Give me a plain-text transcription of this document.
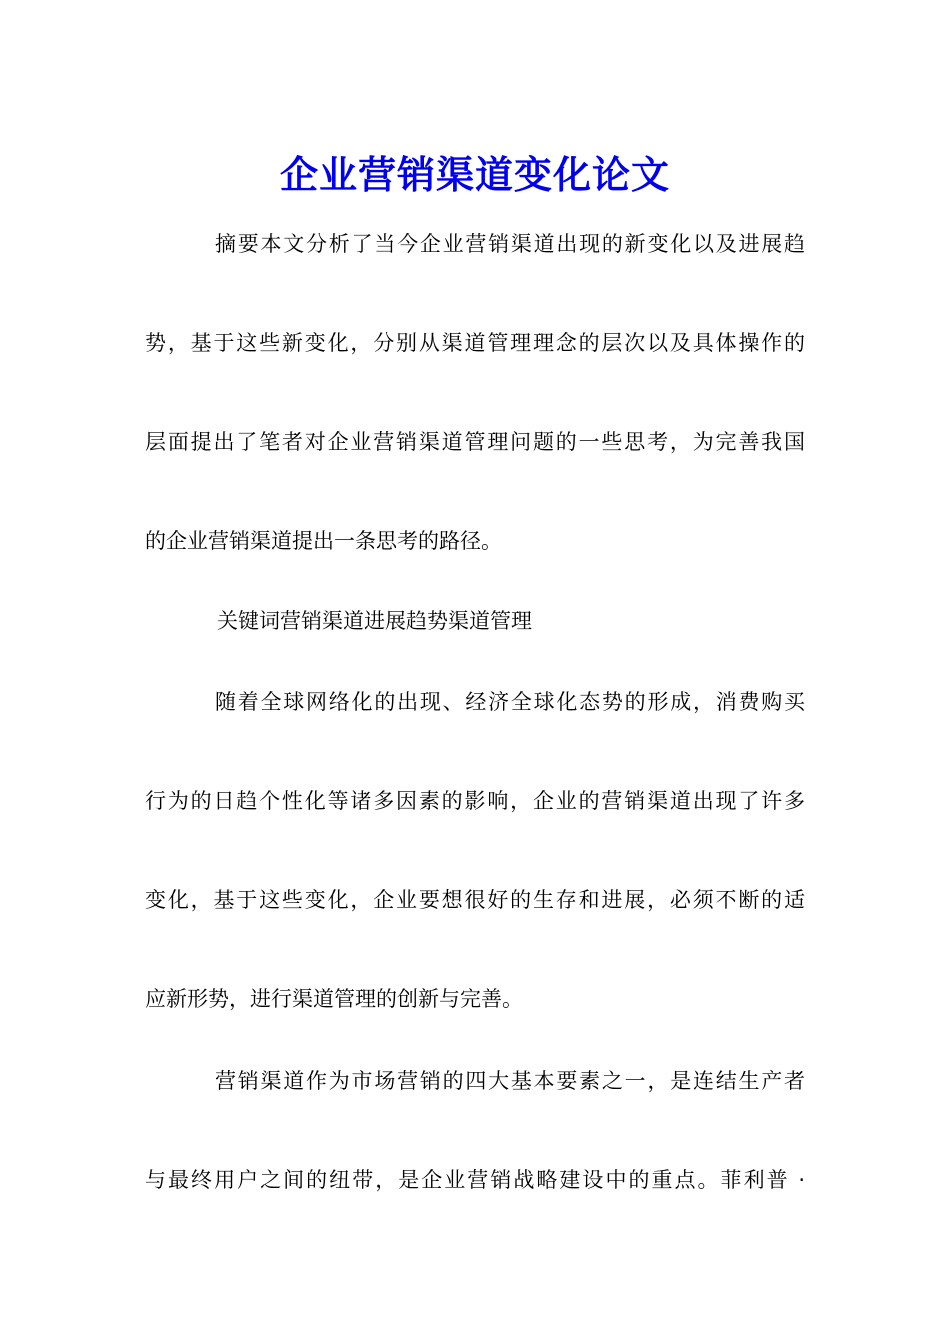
企业营销渠道变化论文
摘要本文分析了当今企业营销渠道出现的新变化以及进展趋
势，基于这些新变化，分别从渠道管理理念的层次以及具体操作的
层面提出了笔者对企业营销渠道管理问题的一些思考，为完善我国
的企业营销渠道提出一条思考的路径。
关键词营销渠道进展趋势渠道管理
随着全球网络化的出现、经济全球化态势的形成，消费购买
行为的日趋个性化等诸多因素的影响，企业的营销渠道出现了许多
变化，基于这些变化，企业要想很好的生存和进展，必须不断的适
应新形势，进行渠道管理的创新与完善。
营销渠道作为市场营销的四大基本要素之一，是连结生产者
与最终用户之间的纽带，是企业营销战略建设中的重点。菲利普 ·
